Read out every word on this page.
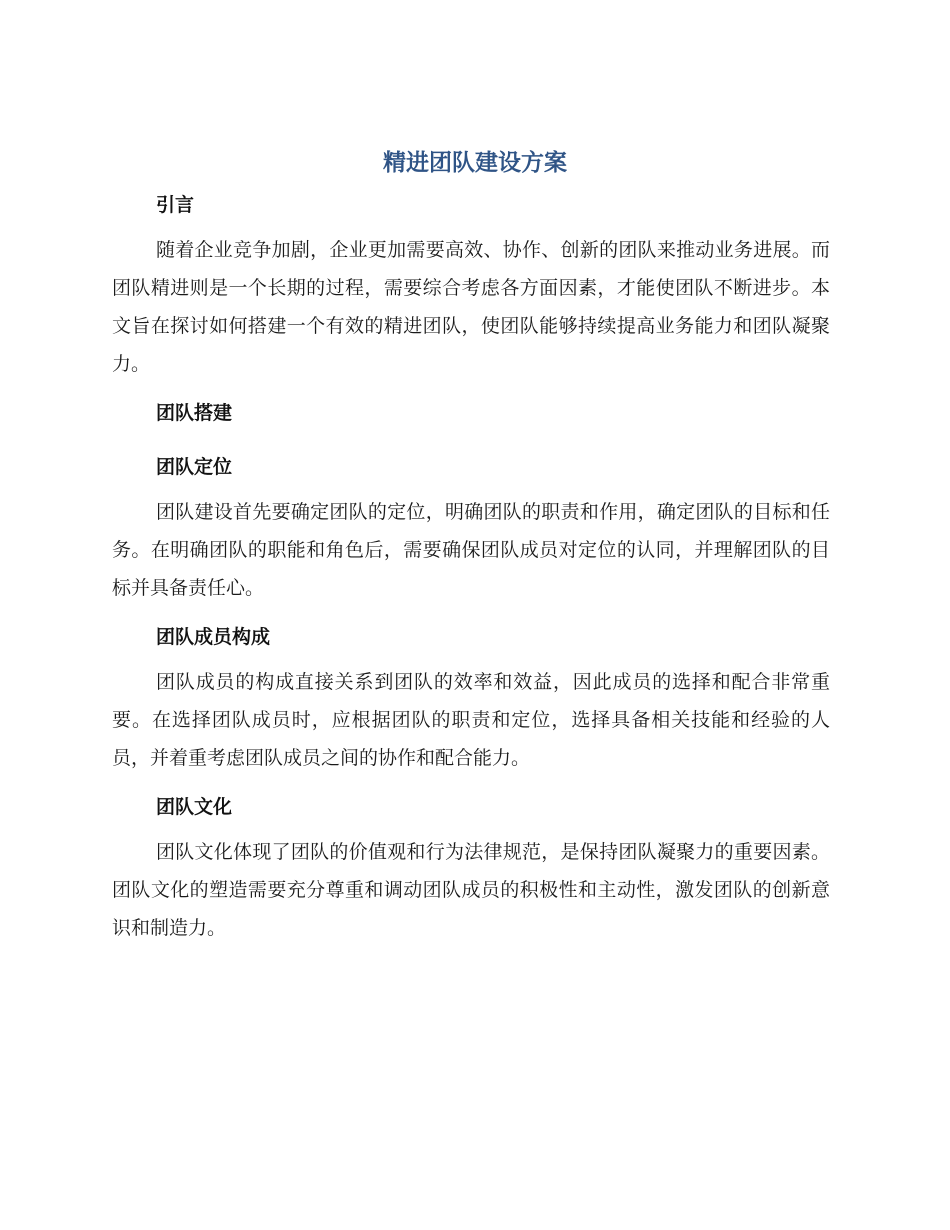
精进团队建设方案
引言

随着企业竞争加剧，企业更加需要高效、协作、创新的团队来推动业务进展。而团队精进则是一个长期的过程，需要综合考虑各方面因素，才能使团队不断进步。本文旨在探讨如何搭建一个有效的精进团队，使团队能够持续提高业务能力和团队凝聚力。

团队搭建
团队定位

团队建设首先要确定团队的定位，明确团队的职责和作用，确定团队的目标和任务。在明确团队的职能和角色后，需要确保团队成员对定位的认同，并理解团队的目标并具备责任心。

团队成员构成

团队成员的构成直接关系到团队的效率和效益，因此成员的选择和配合非常重要。在选择团队成员时，应根据团队的职责和定位，选择具备相关技能和经验的人员，并着重考虑团队成员之间的协作和配合能力。

团队文化

团队文化体现了团队的价值观和行为法律规范，是保持团队凝聚力的重要因素。团队文化的塑造需要充分尊重和调动团队成员的积极性和主动性，激发团队的创新意识和制造力。
